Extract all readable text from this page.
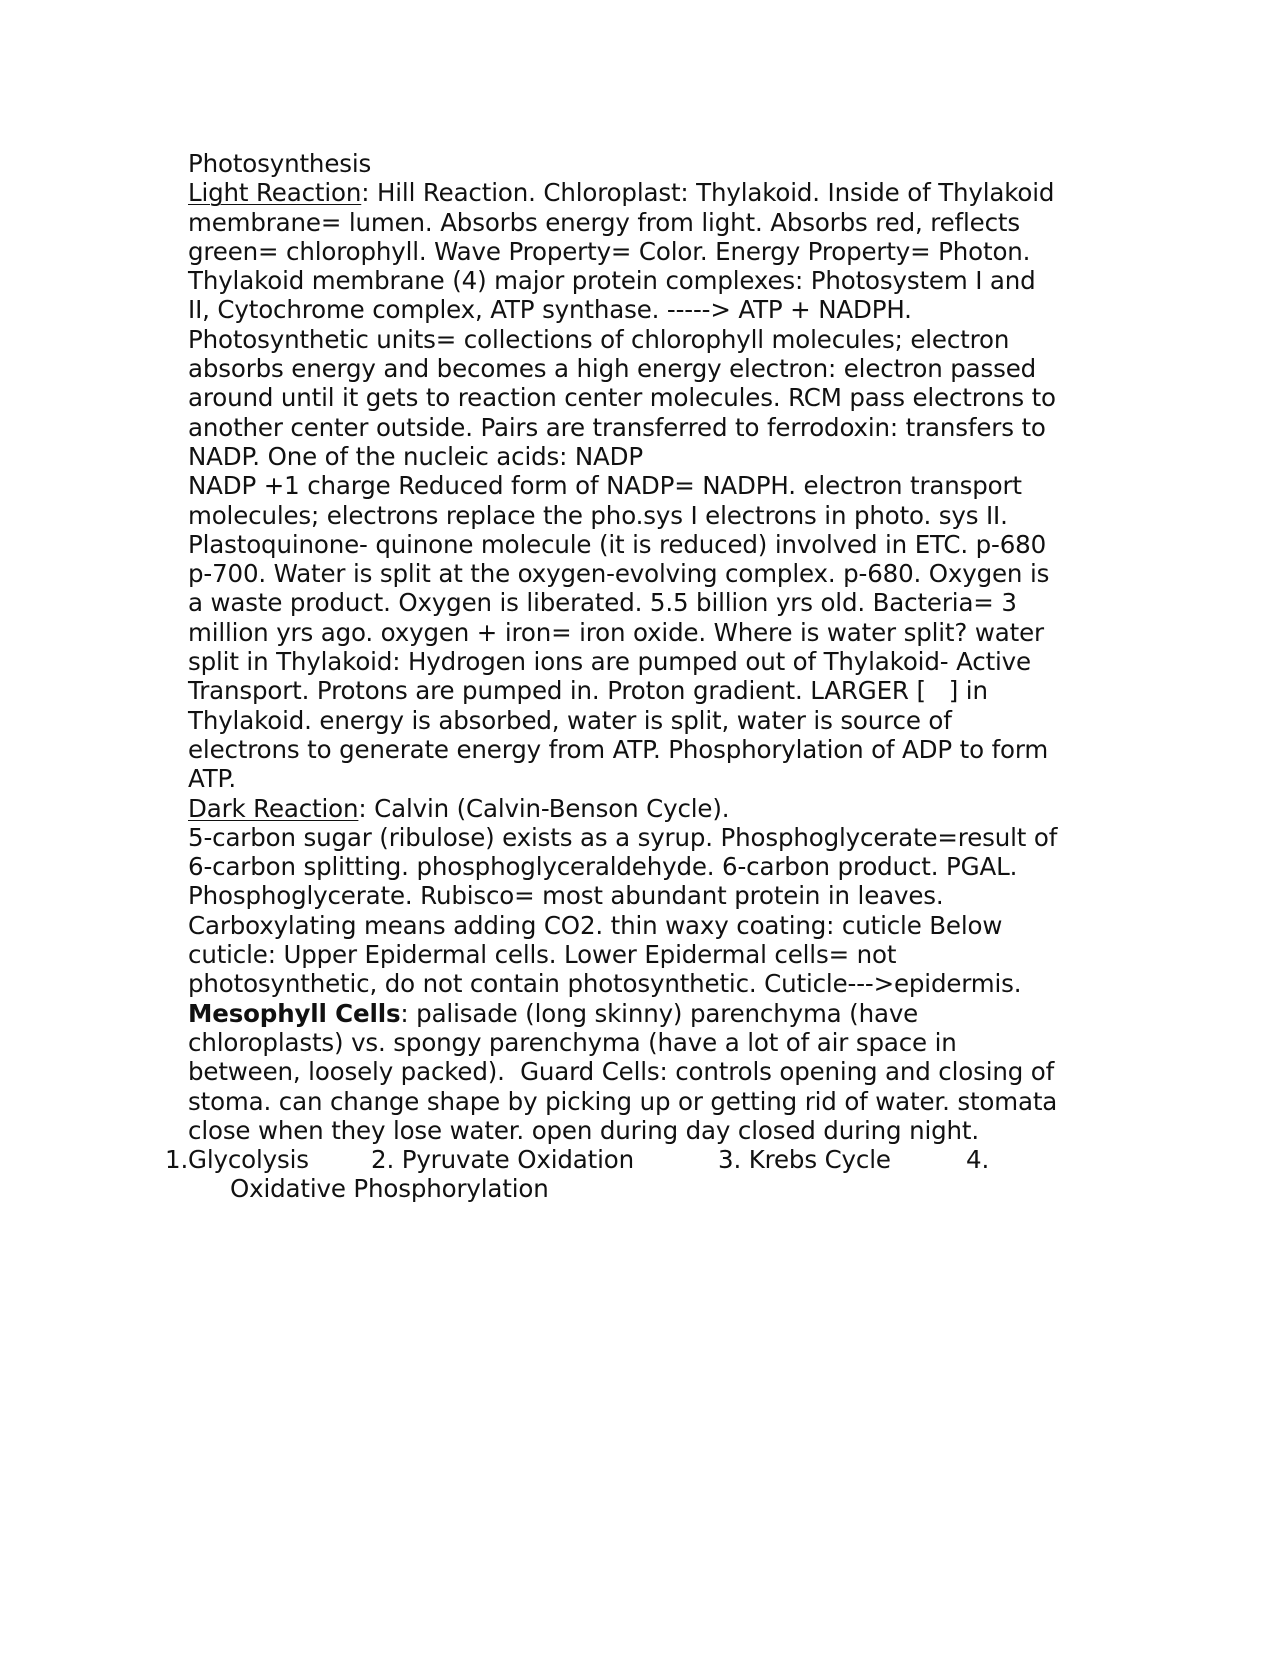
Photosynthesis
Light Reaction: Hill Reaction. Chloroplast: Thylakoid. Inside of Thylakoid
membrane= lumen. Absorbs energy from light. Absorbs red, reflects
green= chlorophyll. Wave Property= Color. Energy Property= Photon.
Thylakoid membrane (4) major protein complexes: Photosystem I and
II, Cytochrome complex, ATP synthase. -----> ATP + NADPH.
Photosynthetic units= collections of chlorophyll molecules; electron
absorbs energy and becomes a high energy electron: electron passed
around until it gets to reaction center molecules. RCM pass electrons to
another center outside. Pairs are transferred to ferrodoxin: transfers to
NADP. One of the nucleic acids: NADP
NADP +1 charge Reduced form of NADP= NADPH. electron transport
molecules; electrons replace the pho.sys I electrons in photo. sys II.
Plastoquinone- quinone molecule (it is reduced) involved in ETC. p-680
p-700. Water is split at the oxygen-evolving complex. p-680. Oxygen is
a waste product. Oxygen is liberated. 5.5 billion yrs old. Bacteria= 3
million yrs ago. oxygen + iron= iron oxide. Where is water split? water
split in Thylakoid: Hydrogen ions are pumped out of Thylakoid- Active
Transport. Protons are pumped in. Proton gradient. LARGER [   ] in
Thylakoid. energy is absorbed, water is split, water is source of
electrons to generate energy from ATP. Phosphorylation of ADP to form
ATP.
Dark Reaction: Calvin (Calvin-Benson Cycle).
5-carbon sugar (ribulose) exists as a syrup. Phosphoglycerate=result of
6-carbon splitting. phosphoglyceraldehyde. 6-carbon product. PGAL.
Phosphoglycerate. Rubisco= most abundant protein in leaves.
Carboxylating means adding CO2. thin waxy coating: cuticle Below
cuticle: Upper Epidermal cells. Lower Epidermal cells= not
photosynthetic, do not contain photosynthetic. Cuticle--->epidermis.
Mesophyll Cells: palisade (long skinny) parenchyma (have
chloroplasts) vs. spongy parenchyma (have a lot of air space in
between, loosely packed).  Guard Cells: controls opening and closing of
stoma. can change shape by picking up or getting rid of water. stomata
close when they lose water. open during day closed during night.

1.

Glycolysis

	2. Pyruvate Oxidation

	3. Krebs Cycle

	4.

Oxidative Phosphorylation
